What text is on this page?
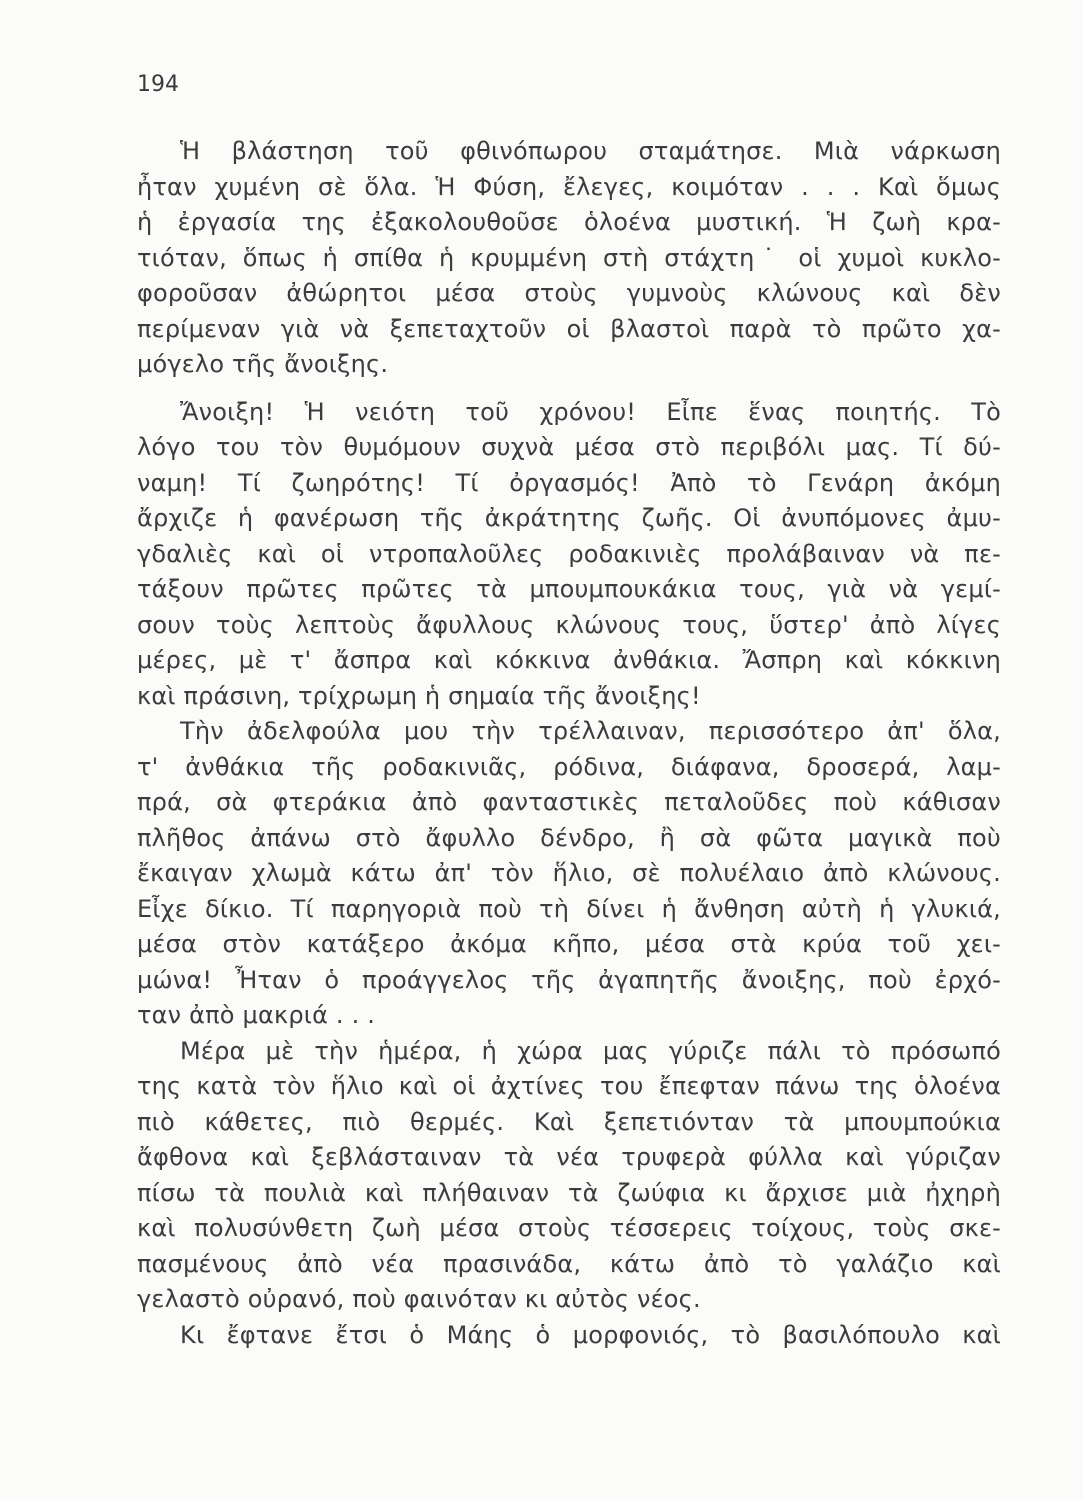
194
Ἡ βλάστηση τοῦ φθινόπωρου σταμάτησε. Μιὰ νάρκωση
ἦταν χυμένη σὲ ὅλα. Ἡ Φύση, ἔλεγες, κοιμόταν . . . Καὶ ὅμως
ἡ ἐργασία της ἐξακολουθοῦσε ὁλοένα μυστική. Ἡ ζωὴ κρα-
τιόταν, ὅπως ἡ σπίθα ἡ κρυμμένη στὴ στάχτη˙ οἱ χυμοὶ κυκλο-
φοροῦσαν ἀθώρητοι μέσα στοὺς γυμνοὺς κλώνους καὶ δὲν
περίμεναν γιὰ νὰ ξεπεταχτοῦν οἱ βλαστοὶ παρὰ τὸ πρῶτο χα-
μόγελο τῆς ἄνοιξης.
Ἄνοιξη! Ἡ νειότη τοῦ χρόνου! Εἶπε ἕνας ποιητής. Τὸ
λόγο του τὸν θυμόμουν συχνὰ μέσα στὸ περιβόλι μας. Τί δύ-
ναμη! Τί ζωηρότης! Τί ὀργασμός! Ἀπὸ τὸ Γενάρη ἀκόμη
ἄρχιζε ἡ φανέρωση τῆς ἀκράτητης ζωῆς. Οἱ ἀνυπόμονες ἀμυ-
γδαλιὲς καὶ οἱ ντροπαλοῦλες ροδακινιὲς προλάβαιναν νὰ πε-
τάξουν πρῶτες πρῶτες τὰ μπουμπουκάκια τους, γιὰ νὰ γεμί-
σουν τοὺς λεπτοὺς ἄφυλλους κλώνους τους, ὕστερ' ἀπὸ λίγες
μέρες, μὲ τ' ἄσπρα καὶ κόκκινα ἀνθάκια. Ἄσπρη καὶ κόκκινη
καὶ πράσινη, τρίχρωμη ἡ σημαία τῆς ἄνοιξης!
Τὴν ἀδελφούλα μου τὴν τρέλλαιναν, περισσότερο ἀπ' ὅλα,
τ' ἀνθάκια τῆς ροδακινιᾶς, ρόδινα, διάφανα, δροσερά, λαμ-
πρά, σὰ φτεράκια ἀπὸ φανταστικὲς πεταλοῦδες ποὺ κάθισαν
πλῆθος ἀπάνω στὸ ἄφυλλο δένδρο, ἢ σὰ φῶτα μαγικὰ ποὺ
ἔκαιγαν χλωμὰ κάτω ἀπ' τὸν ἥλιο, σὲ πολυέλαιο ἀπὸ κλώνους.
Εἶχε δίκιο. Τί παρηγοριὰ ποὺ τὴ δίνει ἡ ἄνθηση αὐτὴ ἡ γλυκιά,
μέσα στὸν κατάξερο ἀκόμα κῆπο, μέσα στὰ κρύα τοῦ χει-
μώνα! Ἦταν ὁ προάγγελος τῆς ἀγαπητῆς ἄνοιξης, ποὺ ἐρχό-
ταν ἀπὸ μακριά . . .
Μέρα μὲ τὴν ἡμέρα, ἡ χώρα μας γύριζε πάλι τὸ πρόσωπό
της κατὰ τὸν ἥλιο καὶ οἱ ἀχτίνες του ἔπεφταν πάνω της ὁλοένα
πιὸ κάθετες, πιὸ θερμές. Καὶ ξεπετιόνταν τὰ μπουμπούκια
ἄφθονα καὶ ξεβλάσταιναν τὰ νέα τρυφερὰ φύλλα καὶ γύριζαν
πίσω τὰ πουλιὰ καὶ πλήθαιναν τὰ ζωύφια κι ἄρχισε μιὰ ἠχηρὴ
καὶ πολυσύνθετη ζωὴ μέσα στοὺς τέσσερεις τοίχους, τοὺς σκε-
πασμένους ἀπὸ νέα πρασινάδα, κάτω ἀπὸ τὸ γαλάζιο καὶ
γελαστὸ οὐρανό, ποὺ φαινόταν κι αὐτὸς νέος.
Κι ἔφτανε ἔτσι ὁ Μάης ὁ μορφονιός, τὸ βασιλόπουλο καὶ
